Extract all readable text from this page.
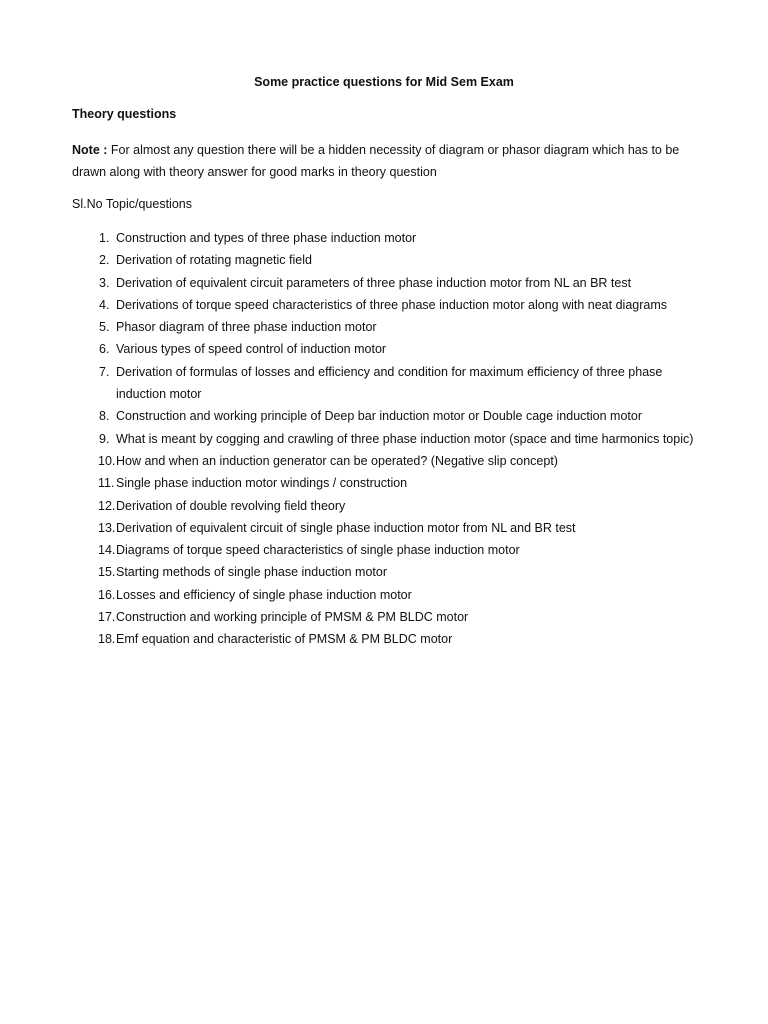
Some practice questions for Mid Sem Exam
Theory questions
Note : For almost any question there will be a hidden necessity of diagram or phasor diagram which has to be drawn along with theory answer for good marks in theory question
Sl.No Topic/questions
1. Construction and types of three phase induction motor
2. Derivation of rotating magnetic field
3. Derivation of equivalent circuit parameters of three phase induction motor from NL an BR test
4. Derivations of torque speed characteristics of three phase induction motor along with neat diagrams
5. Phasor diagram of three phase induction motor
6. Various types of speed control of induction motor
7. Derivation of formulas of losses and efficiency and condition for maximum efficiency of three phase induction motor
8. Construction and working principle of Deep bar induction motor or Double cage induction motor
9. What is meant by cogging and crawling of three phase induction motor (space and time harmonics topic)
10. How and when an induction generator can be operated? (Negative slip concept)
11. Single phase induction motor windings / construction
12. Derivation of double revolving field theory
13. Derivation of equivalent circuit of single phase induction motor from NL and BR test
14. Diagrams of torque speed characteristics of single phase induction motor
15. Starting methods of single phase induction motor
16. Losses and efficiency of single phase induction motor
17. Construction and working principle of PMSM & PM BLDC motor
18. Emf equation and characteristic of PMSM & PM BLDC motor
